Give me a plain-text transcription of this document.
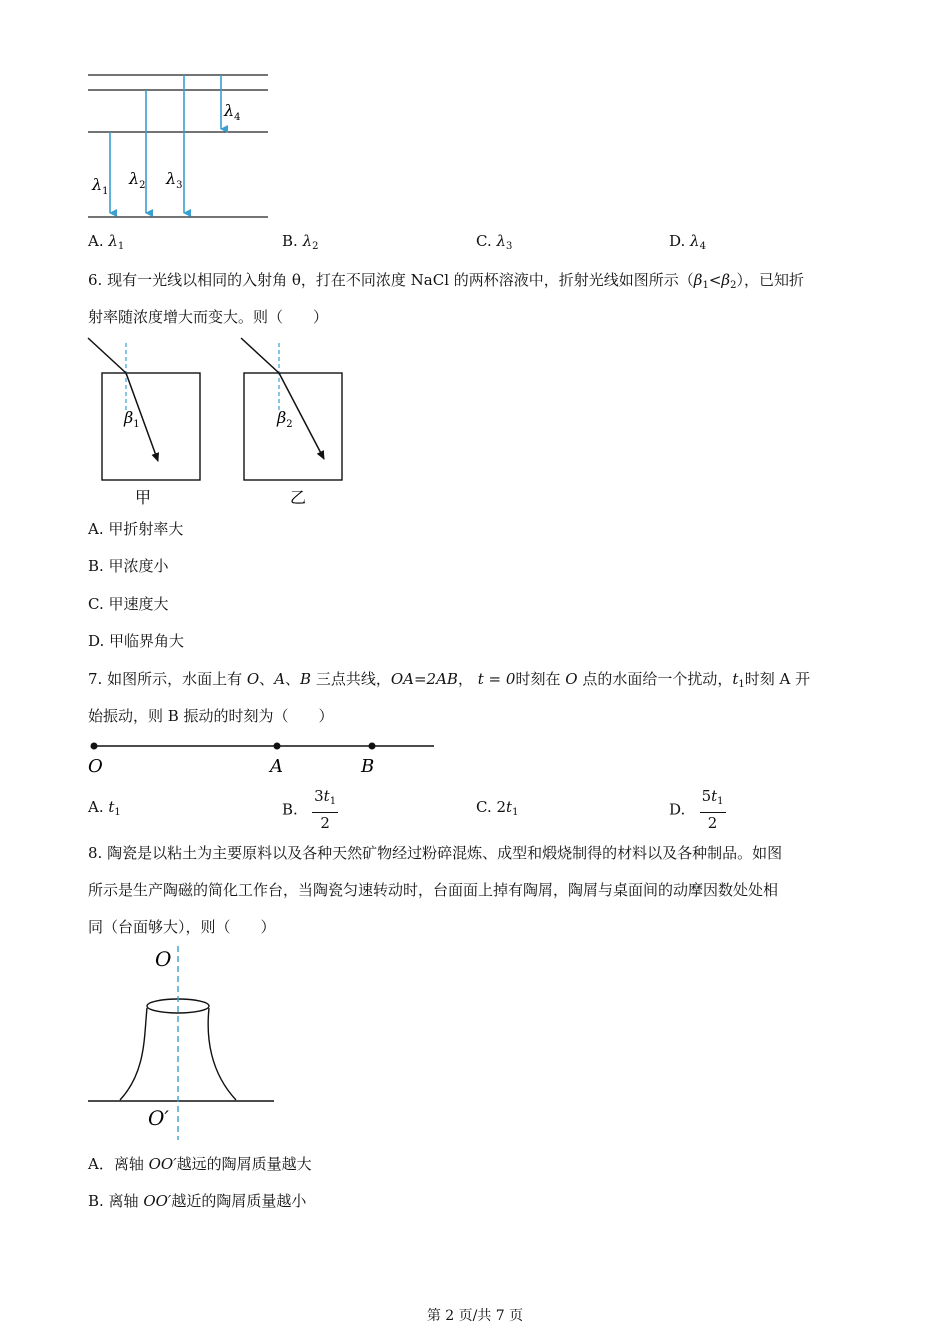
$\lambda_1$
$\lambda_2$ $\lambda_3$
$\lambda_4$
A. $\lambda_1$	B. $\lambda_2$	C. $\lambda_3$	D. $\lambda_4$
6. 现有一光线以相同的入射角 θ，打在不同浓度 NaCl 的两杯溶液中，折射光线如图所示$(\beta_1<\beta_2)$，已知折
射率随浓度增大而变大。则（　　）
$\beta_1$
甲
$\beta_2$
乙
A. 甲折射率大
B. 甲浓度小
C. 甲速度大
D. 甲临界角大
7. 如图所示，水面上有 O、A、B 三点共线，OA=2AB， t = 0时刻在 O 点的水面给一个扰动，$t_1$时刻 A 开
始振动，则 B 振动的时刻为（　　）
O	A	B
A. $t_1$	B. $\frac{3t_1}{2}$	C. $2t_1$	D. $\frac{5t_1}{2}$
8. 陶瓷是以粘土为主要原料以及各种天然矿物经过粉碎混炼、成型和煅烧制得的材料以及各种制品。如图
所示是生产陶磁的简化工作台，当陶瓷匀速转动时，台面面上掉有陶屑，陶屑与桌面间的动摩因数处处相
同（台面够大），则（　　）
O
O′
A．离轴 OO′越远的陶屑质量越大
B. 离轴 OO′越近的陶屑质量越小
第 2 页/共 7 页
